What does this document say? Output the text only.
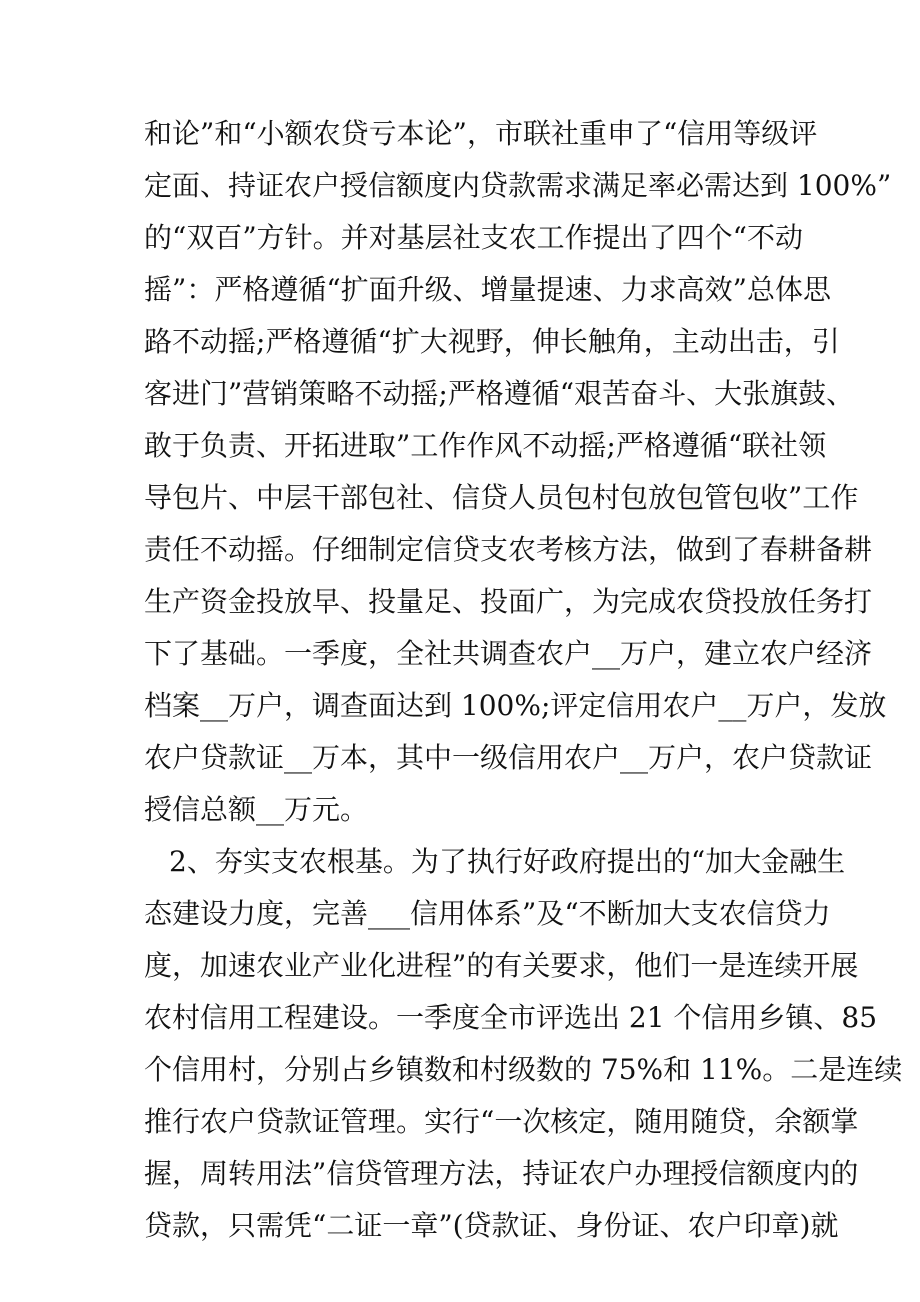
和论”和“小额农贷亏本论”，市联社重申了“信用等级评
定面、持证农户授信额度内贷款需求满足率必需达到 100%”
的“双百”方针。并对基层社支农工作提出了四个“不动
摇”：严格遵循“扩面升级、增量提速、力求高效”总体思
路不动摇;严格遵循“扩大视野，伸长触角，主动出击，引
客进门”营销策略不动摇;严格遵循“艰苦奋斗、大张旗鼓、
敢于负责、开拓进取”工作作风不动摇;严格遵循“联社领
导包片、中层干部包社、信贷人员包村包放包管包收”工作
责任不动摇。仔细制定信贷支农考核方法，做到了春耕备耕
生产资金投放早、投量足、投面广，为完成农贷投放任务打
下了基础。一季度，全社共调查农户__万户，建立农户经济
档案__万户，调查面达到 100%;评定信用农户__万户，发放
农户贷款证__万本，其中一级信用农户__万户，农户贷款证
授信总额__万元。
2、夯实支农根基。为了执行好政府提出的“加大金融生
态建设力度，完善___信用体系”及“不断加大支农信贷力
度，加速农业产业化进程”的有关要求，他们一是连续开展
农村信用工程建设。一季度全市评选出 21 个信用乡镇、85
个信用村，分别占乡镇数和村级数的 75%和 11%。二是连续
推行农户贷款证管理。实行“一次核定，随用随贷，余额掌
握，周转用法”信贷管理方法，持证农户办理授信额度内的
贷款，只需凭“二证一章”(贷款证、身份证、农户印章)就
